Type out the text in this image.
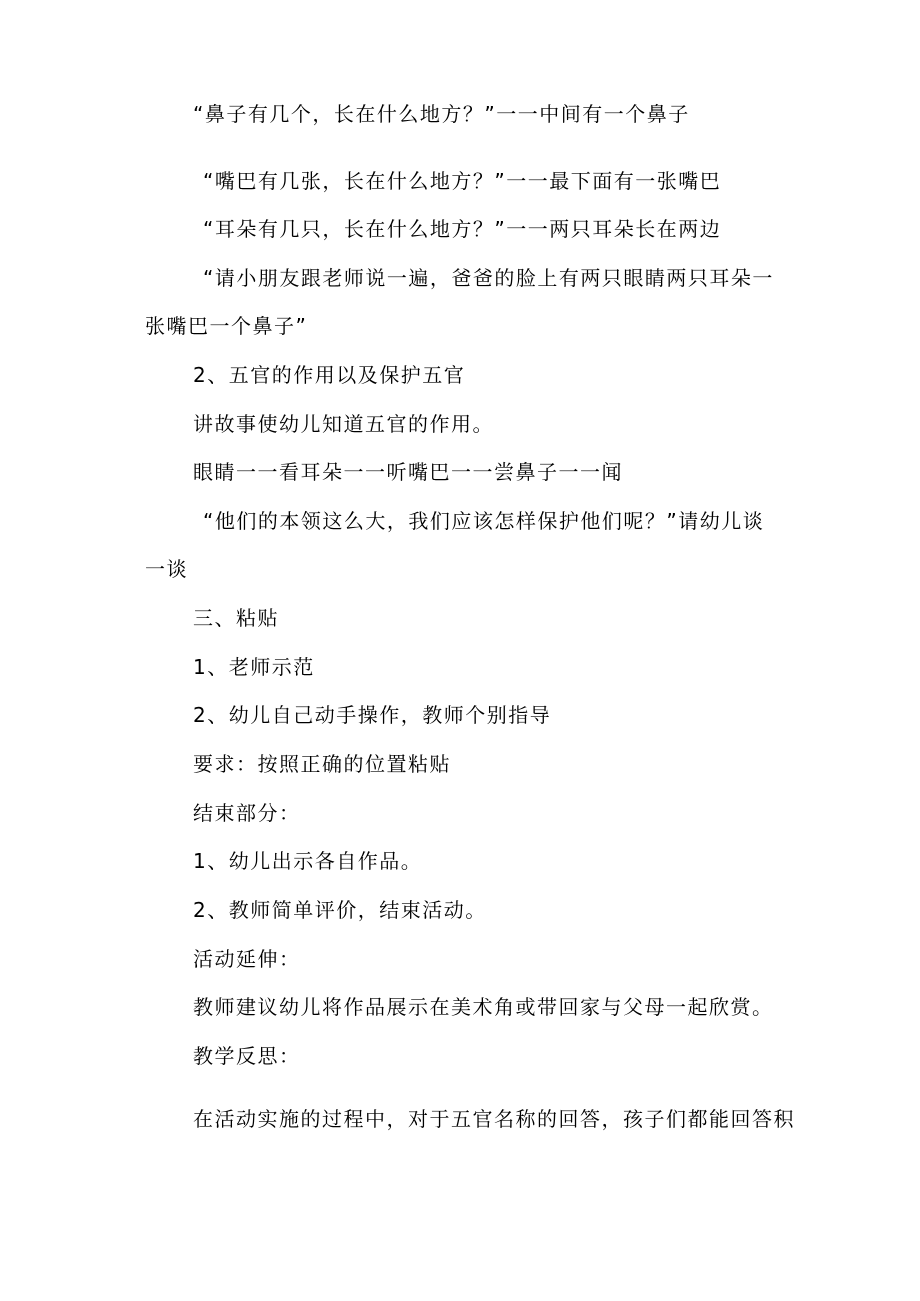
“鼻子有几个，长在什么地方？”一一中间有一个鼻子
“嘴巴有几张，长在什么地方？”一一最下面有一张嘴巴
“耳朵有几只，长在什么地方？”一一两只耳朵长在两边
“请小朋友跟老师说一遍，爸爸的脸上有两只眼睛两只耳朵一
张嘴巴一个鼻子”
2、五官的作用以及保护五官
讲故事使幼儿知道五官的作用。
眼睛一一看耳朵一一听嘴巴一一尝鼻子一一闻
“他们的本领这么大，我们应该怎样保护他们呢？”请幼儿谈
一谈
三、粘贴
1、老师示范
2、幼儿自己动手操作，教师个别指导
要求：按照正确的位置粘贴
结束部分：
1、幼儿出示各自作品。
2、教师简单评价，结束活动。
活动延伸：
教师建议幼儿将作品展示在美术角或带回家与父母一起欣赏。
教学反思：
在活动实施的过程中，对于五官名称的回答，孩子们都能回答积
